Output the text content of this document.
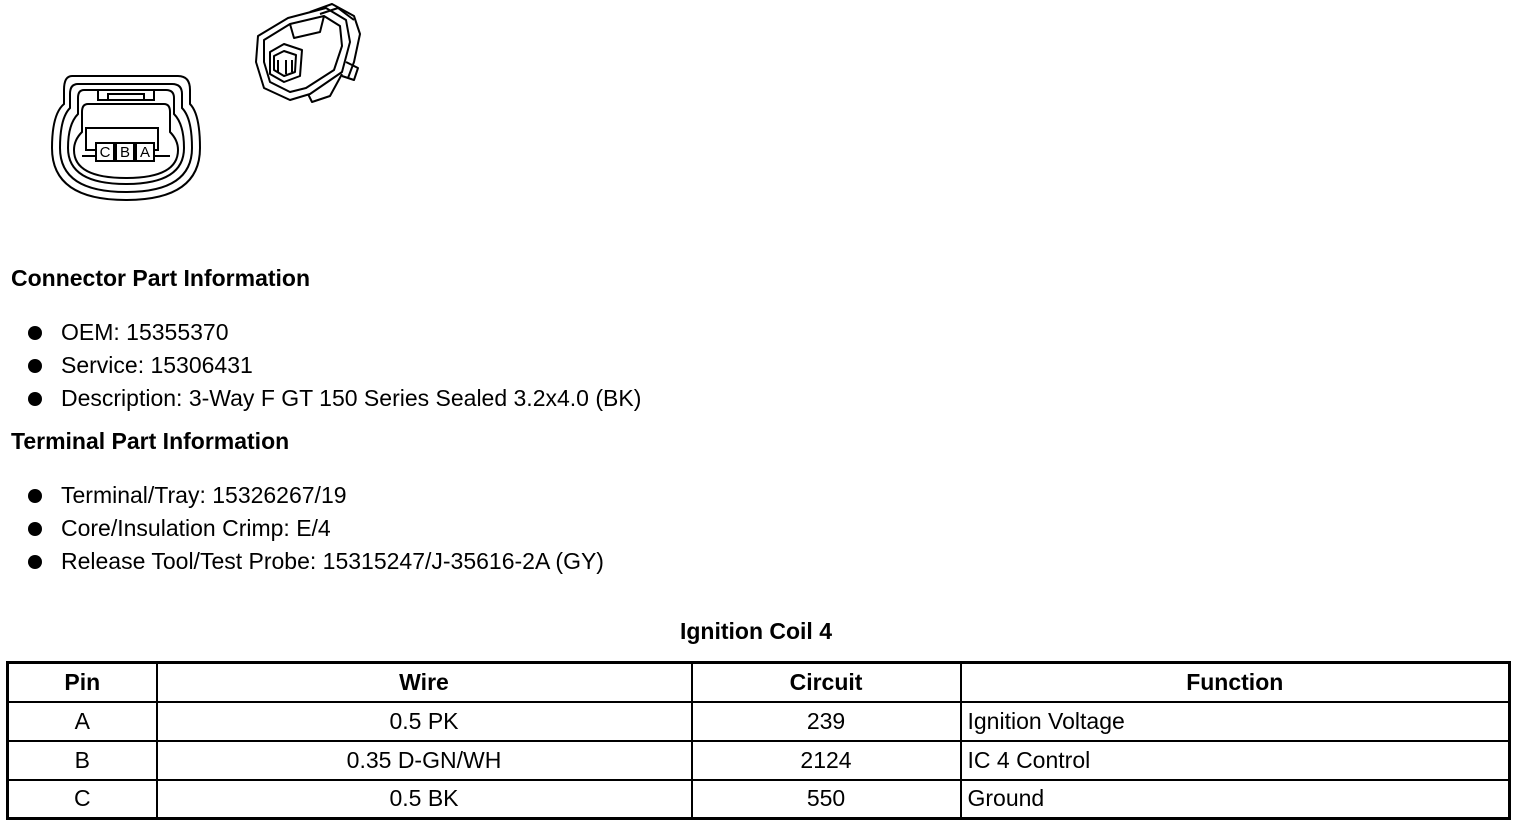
C B A
Connector Part Information
OEM: 15355370
Service: 15306431
Description: 3-Way F GT 150 Series Sealed 3.2x4.0 (BK)
Terminal Part Information
Terminal/Tray: 15326267/19
Core/Insulation Crimp: E/4
Release Tool/Test Probe: 15315247/J-35616-2A (GY)
Ignition Coil 4
Pin	Wire	Circuit	Function
A	0.5 PK	239	Ignition Voltage
B	0.35 D-GN/WH	2124	IC 4 Control
C	0.5 BK	550	Ground
